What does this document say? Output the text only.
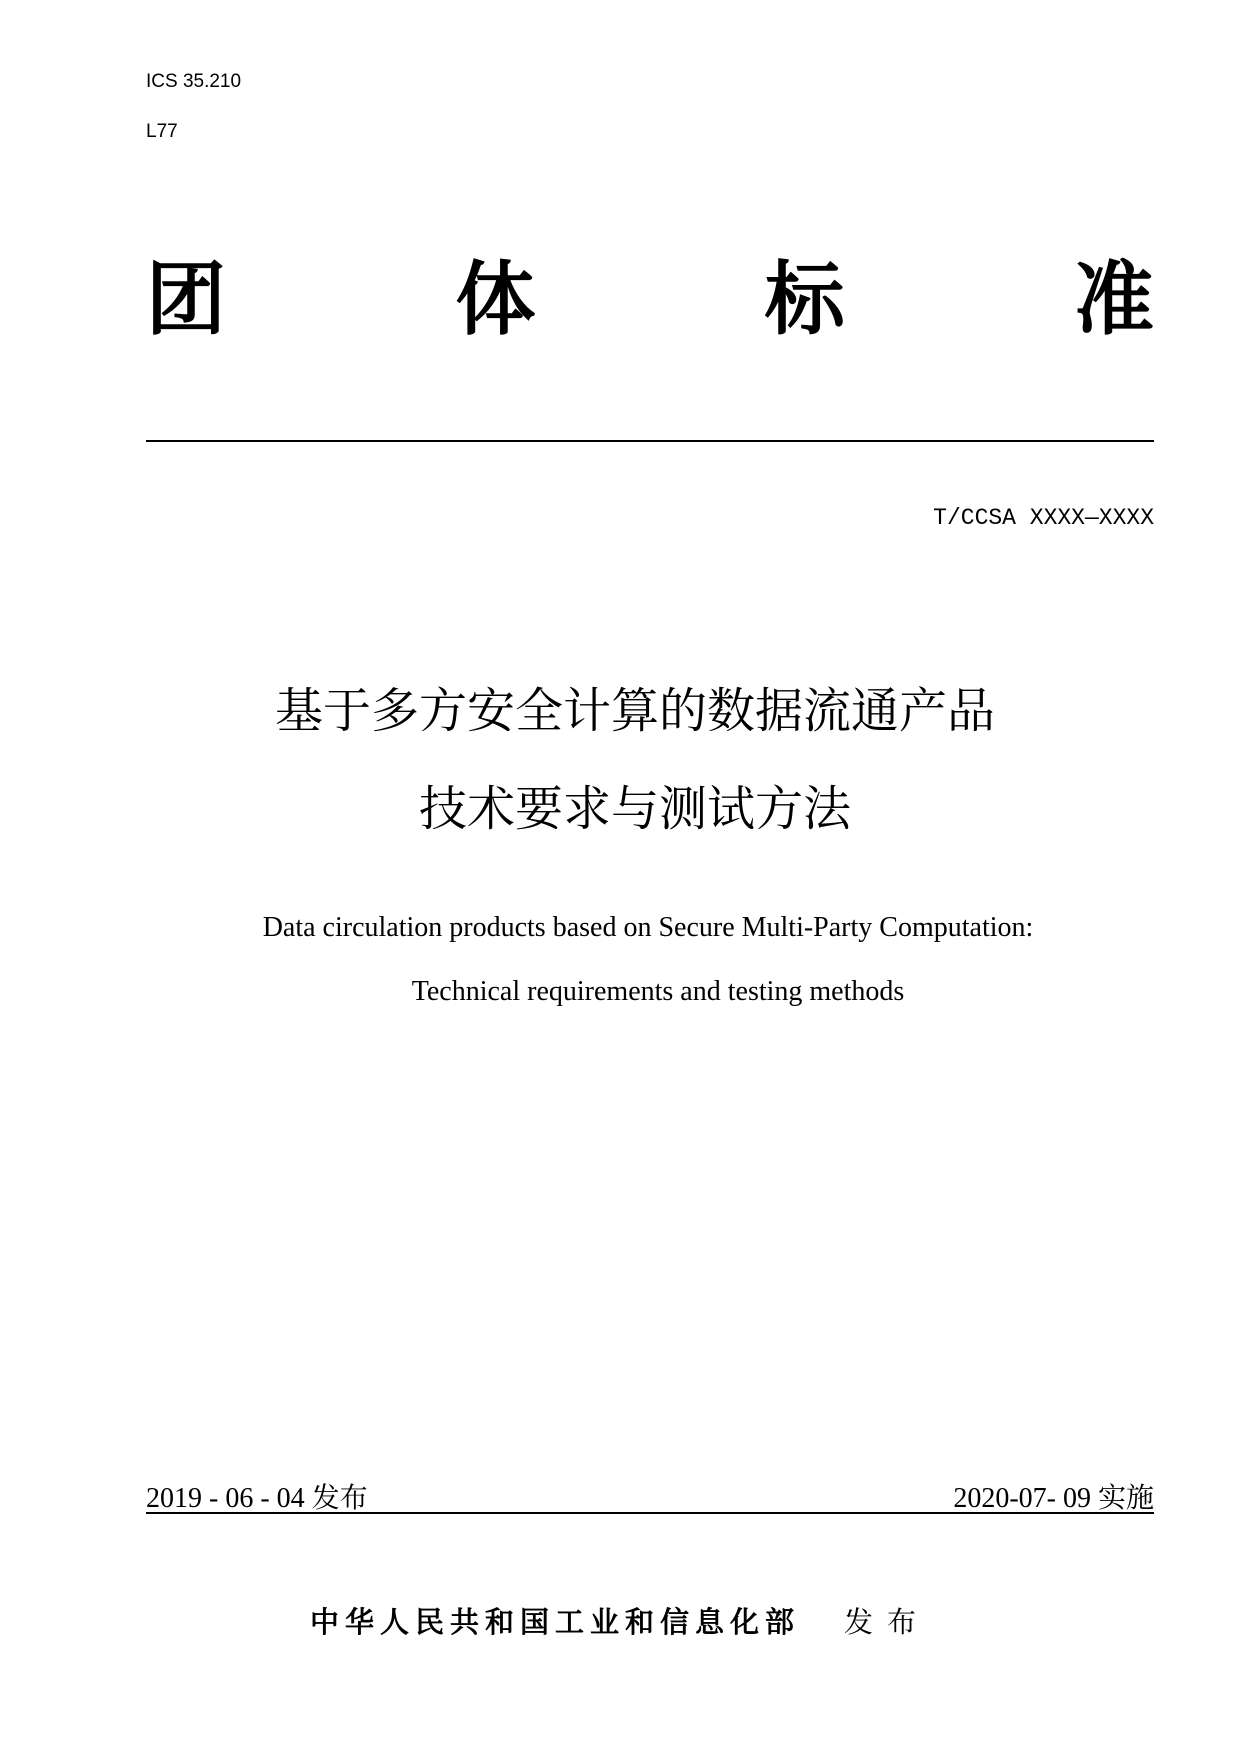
ICS 35.210
L77
团	体	标	准
T/CCSA XXXX—XXXX
基于多方安全计算的数据流通产品
技术要求与测试方法
Data circulation products based on Secure Multi-Party Computation:
Technical requirements and testing methods
2019 - 06 - 04 发布	2020-07- 09 实施
中华人民共和国工业和信息化部 发布
